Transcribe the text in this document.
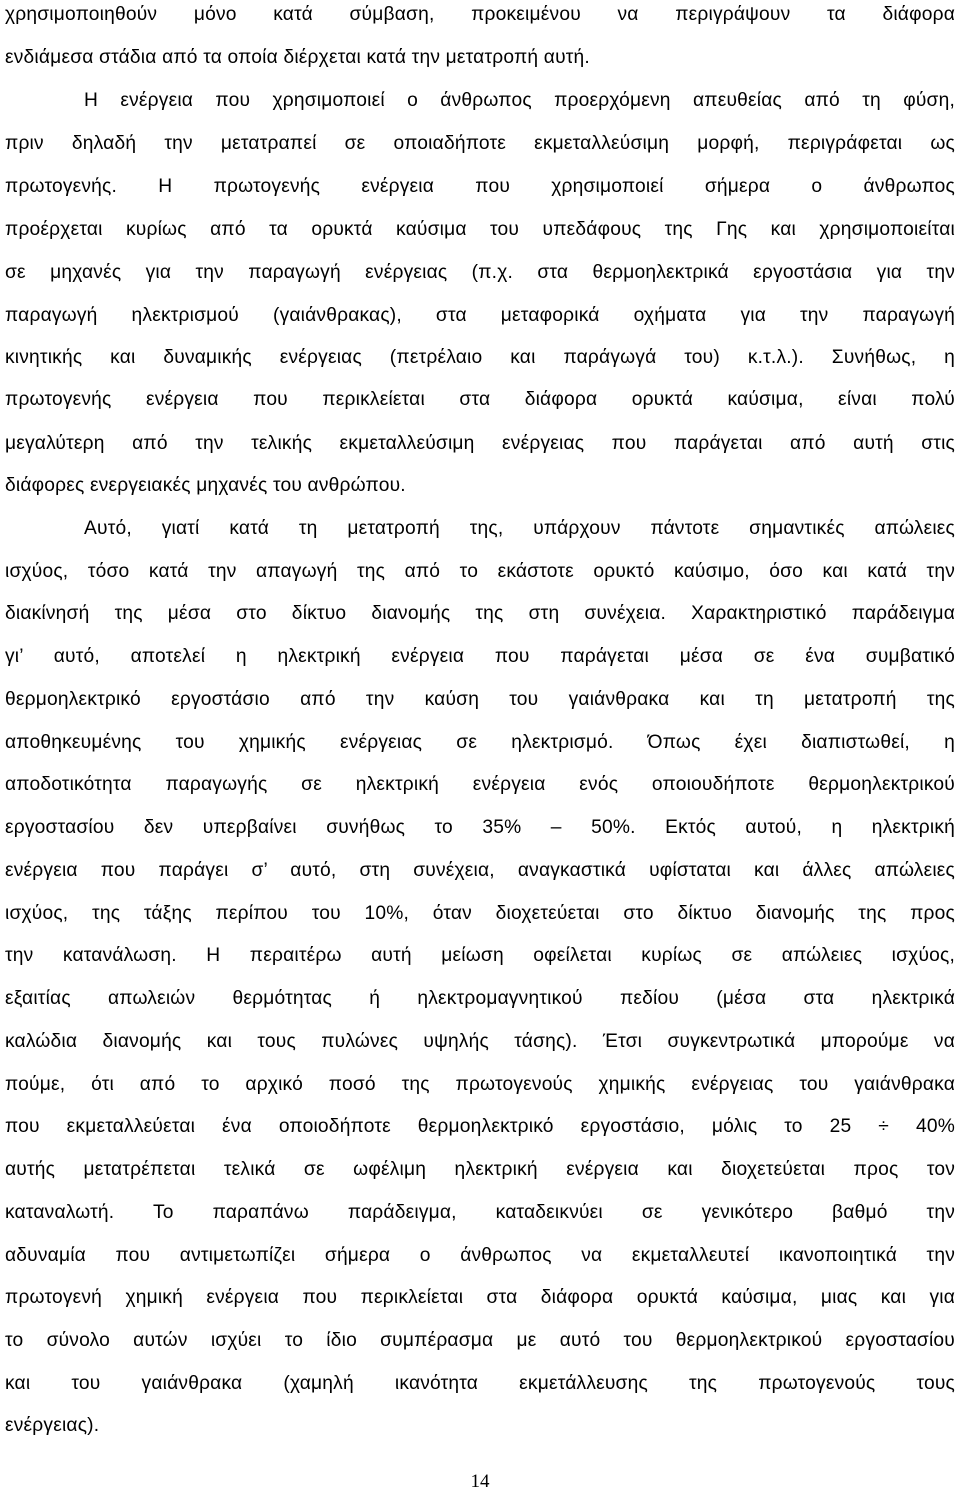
χρησιμοποιηθούν μόνο κατά σύμβαση, προκειμένου να περιγράψουν τα διάφορα
ενδιάμεσα στάδια από τα οποία διέρχεται κατά την μετατροπή αυτή.
Η ενέργεια που χρησιμοποιεί ο άνθρωπος προερχόμενη απευθείας από τη φύση,
πριν δηλαδή την μετατραπεί σε οποιαδήποτε εκμεταλλεύσιμη μορφή, περιγράφεται ως
πρωτογενής. Η πρωτογενής ενέργεια που χρησιμοποιεί σήμερα ο άνθρωπος
προέρχεται κυρίως από τα ορυκτά καύσιμα του υπεδάφους της Γης και χρησιμοποιείται
σε μηχανές για την παραγωγή ενέργειας (π.χ. στα θερμοηλεκτρικά εργοστάσια για την
παραγωγή ηλεκτρισμού (γαιάνθρακας), στα μεταφορικά οχήματα για την παραγωγή
κινητικής και δυναμικής ενέργειας (πετρέλαιο και παράγωγά του) κ.τ.λ.). Συνήθως, η
πρωτογενής ενέργεια που περικλείεται στα διάφορα ορυκτά καύσιμα, είναι πολύ
μεγαλύτερη από την τελικής εκμεταλλεύσιμη ενέργειας που παράγεται από αυτή στις
διάφορες ενεργειακές μηχανές του ανθρώπου.
Αυτό, γιατί κατά τη μετατροπή της, υπάρχουν πάντοτε σημαντικές απώλειες
ισχύος, τόσο κατά την απαγωγή της από το εκάστοτε ορυκτό καύσιμο, όσο και κατά την
διακίνησή της μέσα στο δίκτυο διανομής της στη συνέχεια. Χαρακτηριστικό παράδειγμα
γι’ αυτό, αποτελεί η ηλεκτρική ενέργεια που παράγεται μέσα σε ένα συμβατικό
θερμοηλεκτρικό εργοστάσιο από την καύση του γαιάνθρακα και τη μετατροπή της
αποθηκευμένης του χημικής ενέργειας σε ηλεκτρισμό. Όπως έχει διαπιστωθεί, η
αποδοτικότητα παραγωγής σε ηλεκτρική ενέργεια ενός οποιουδήποτε θερμοηλεκτρικού
εργοστασίου δεν υπερβαίνει συνήθως το 35% – 50%. Εκτός αυτού, η ηλεκτρική
ενέργεια που παράγει σ’ αυτό, στη συνέχεια, αναγκαστικά υφίσταται και άλλες απώλειες
ισχύος, της τάξης περίπου του 10%, όταν διοχετεύεται στο δίκτυο διανομής της προς
την κατανάλωση. Η περαιτέρω αυτή μείωση οφείλεται κυρίως σε απώλειες ισχύος,
εξαιτίας απωλειών θερμότητας ή ηλεκτρομαγνητικού πεδίου (μέσα στα ηλεκτρικά
καλώδια διανομής και τους πυλώνες υψηλής τάσης). Έτσι συγκεντρωτικά μπορούμε να
πούμε, ότι από το αρχικό ποσό της πρωτογενούς χημικής ενέργειας του γαιάνθρακα
που εκμεταλλεύεται ένα οποιοδήποτε θερμοηλεκτρικό εργοστάσιο, μόλις το 25 ÷ 40%
αυτής μετατρέπεται τελικά σε ωφέλιμη ηλεκτρική ενέργεια και διοχετεύεται προς τον
καταναλωτή. Το παραπάνω παράδειγμα, καταδεικνύει σε γενικότερο βαθμό την
αδυναμία που αντιμετωπίζει σήμερα ο άνθρωπος να εκμεταλλευτεί ικανοποιητικά την
πρωτογενή χημική ενέργεια που περικλείεται στα διάφορα ορυκτά καύσιμα, μιας και για
το σύνολο αυτών ισχύει το ίδιο συμπέρασμα με αυτό του θερμοηλεκτρικού εργοστασίου
και του γαιάνθρακα (χαμηλή ικανότητα εκμετάλλευσης της πρωτογενούς τους
ενέργειας).
14
